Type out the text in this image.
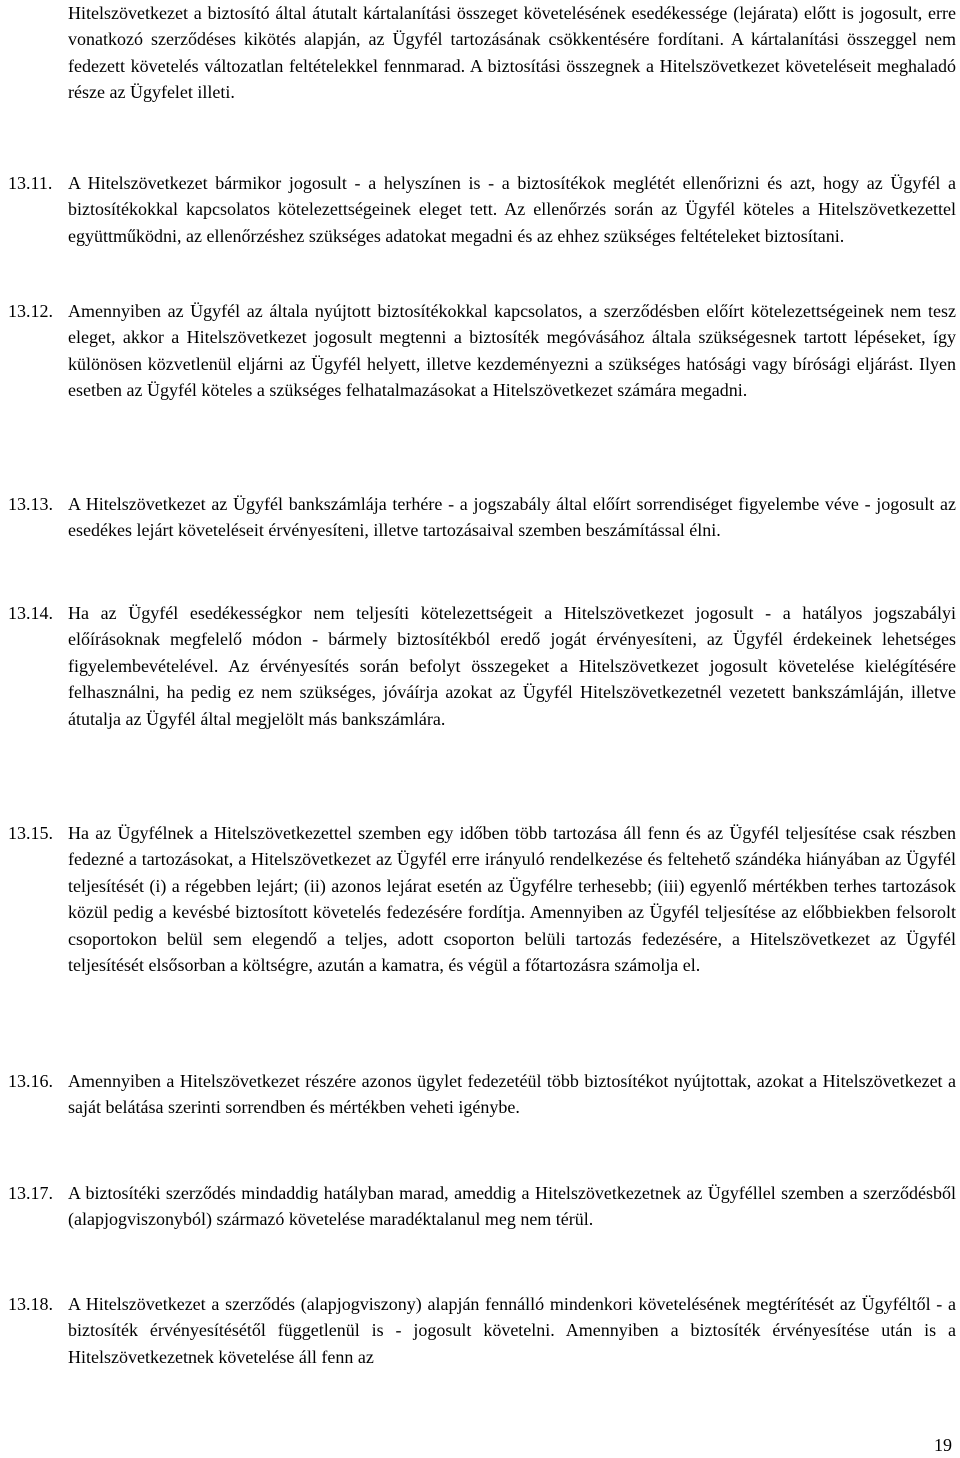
Hitelszövetkezet a biztosító által átutalt kártalanítási összeget követelésének esedékessége (lejárata) előtt is jogosult, erre vonatkozó szerződéses kikötés alapján, az Ügyfél tartozásának csökkentésére fordítani. A kártalanítási összeggel nem fedezett követelés változatlan feltételekkel fennmarad. A biztosítási összegnek a Hitelszövetkezet követeléseit meghaladó része az Ügyfelet illeti.

13.11. A Hitelszövetkezet bármikor jogosult - a helyszínen is - a biztosítékok meglétét ellenőrizni és azt, hogy az Ügyfél a biztosítékokkal kapcsolatos kötelezettségeinek eleget tett. Az ellenőrzés során az Ügyfél köteles a Hitelszövetkezettel együttműködni, az ellenőrzéshez szükséges adatokat megadni és az ehhez szükséges feltételeket biztosítani.
13.12. Amennyiben az Ügyfél az általa nyújtott biztosítékokkal kapcsolatos, a szerződésben előírt kötelezettségeinek nem tesz eleget, akkor a Hitelszövetkezet jogosult megtenni a biztosíték megóvásához általa szükségesnek tartott lépéseket, így különösen közvetlenül eljárni az Ügyfél helyett, illetve kezdeményezni a szükséges hatósági vagy bírósági eljárást. Ilyen esetben az Ügyfél köteles a szükséges felhatalmazásokat a Hitelszövetkezet számára megadni.
13.13. A Hitelszövetkezet az Ügyfél bankszámlája terhére - a jogszabály által előírt sorrendiséget figyelembe véve - jogosult az esedékes lejárt követeléseit érvényesíteni, illetve tartozásaival szemben beszámítással élni.
13.14. Ha az Ügyfél esedékességkor nem teljesíti kötelezettségeit a Hitelszövetkezet jogosult - a hatályos jogszabályi előírásoknak megfelelő módon - bármely biztosítékból eredő jogát érvényesíteni, az Ügyfél érdekeinek lehetséges figyelembevételével. Az érvényesítés során befolyt összegeket a Hitelszövetkezet jogosult követelése kielégítésére felhasználni, ha pedig ez nem szükséges, jóváírja azokat az Ügyfél Hitelszövetkezetnél vezetett bankszámláján, illetve átutalja az Ügyfél által megjelölt más bankszámlára.
13.15. Ha az Ügyfélnek a Hitelszövetkezettel szemben egy időben több tartozása áll fenn és az Ügyfél teljesítése csak részben fedezné a tartozásokat, a Hitelszövetkezet az Ügyfél erre irányuló rendelkezése és feltehető szándéka hiányában az Ügyfél teljesítését (i) a régebben lejárt; (ii) azonos lejárat esetén az Ügyfélre terhesebb; (iii) egyenlő mértékben terhes tartozások közül pedig a kevésbé biztosított követelés fedezésére fordítja. Amennyiben az Ügyfél teljesítése az előbbiekben felsorolt csoportokon belül sem elegendő a teljes, adott csoporton belüli tartozás fedezésére, a Hitelszövetkezet az Ügyfél teljesítését elsősorban a költségre, azután a kamatra, és végül a főtartozásra számolja el.
13.16. Amennyiben a Hitelszövetkezet részére azonos ügylet fedezetéül több biztosítékot nyújtottak, azokat a Hitelszövetkezet a saját belátása szerinti sorrendben és mértékben veheti igénybe.
13.17. A biztosítéki szerződés mindaddig hatályban marad, ameddig a Hitelszövetkezetnek az Ügyféllel szemben a szerződésből (alapjogviszonyból) származó követelése maradéktalanul meg nem térül.
13.18. A Hitelszövetkezet a szerződés (alapjogviszony) alapján fennálló mindenkori követelésének megtérítését az Ügyféltől - a biztosíték érvényesítésétől függetlenül is - jogosult követelni. Amennyiben a biztosíték érvényesítése után is a Hitelszövetkezetnek követelése áll fenn az
19
